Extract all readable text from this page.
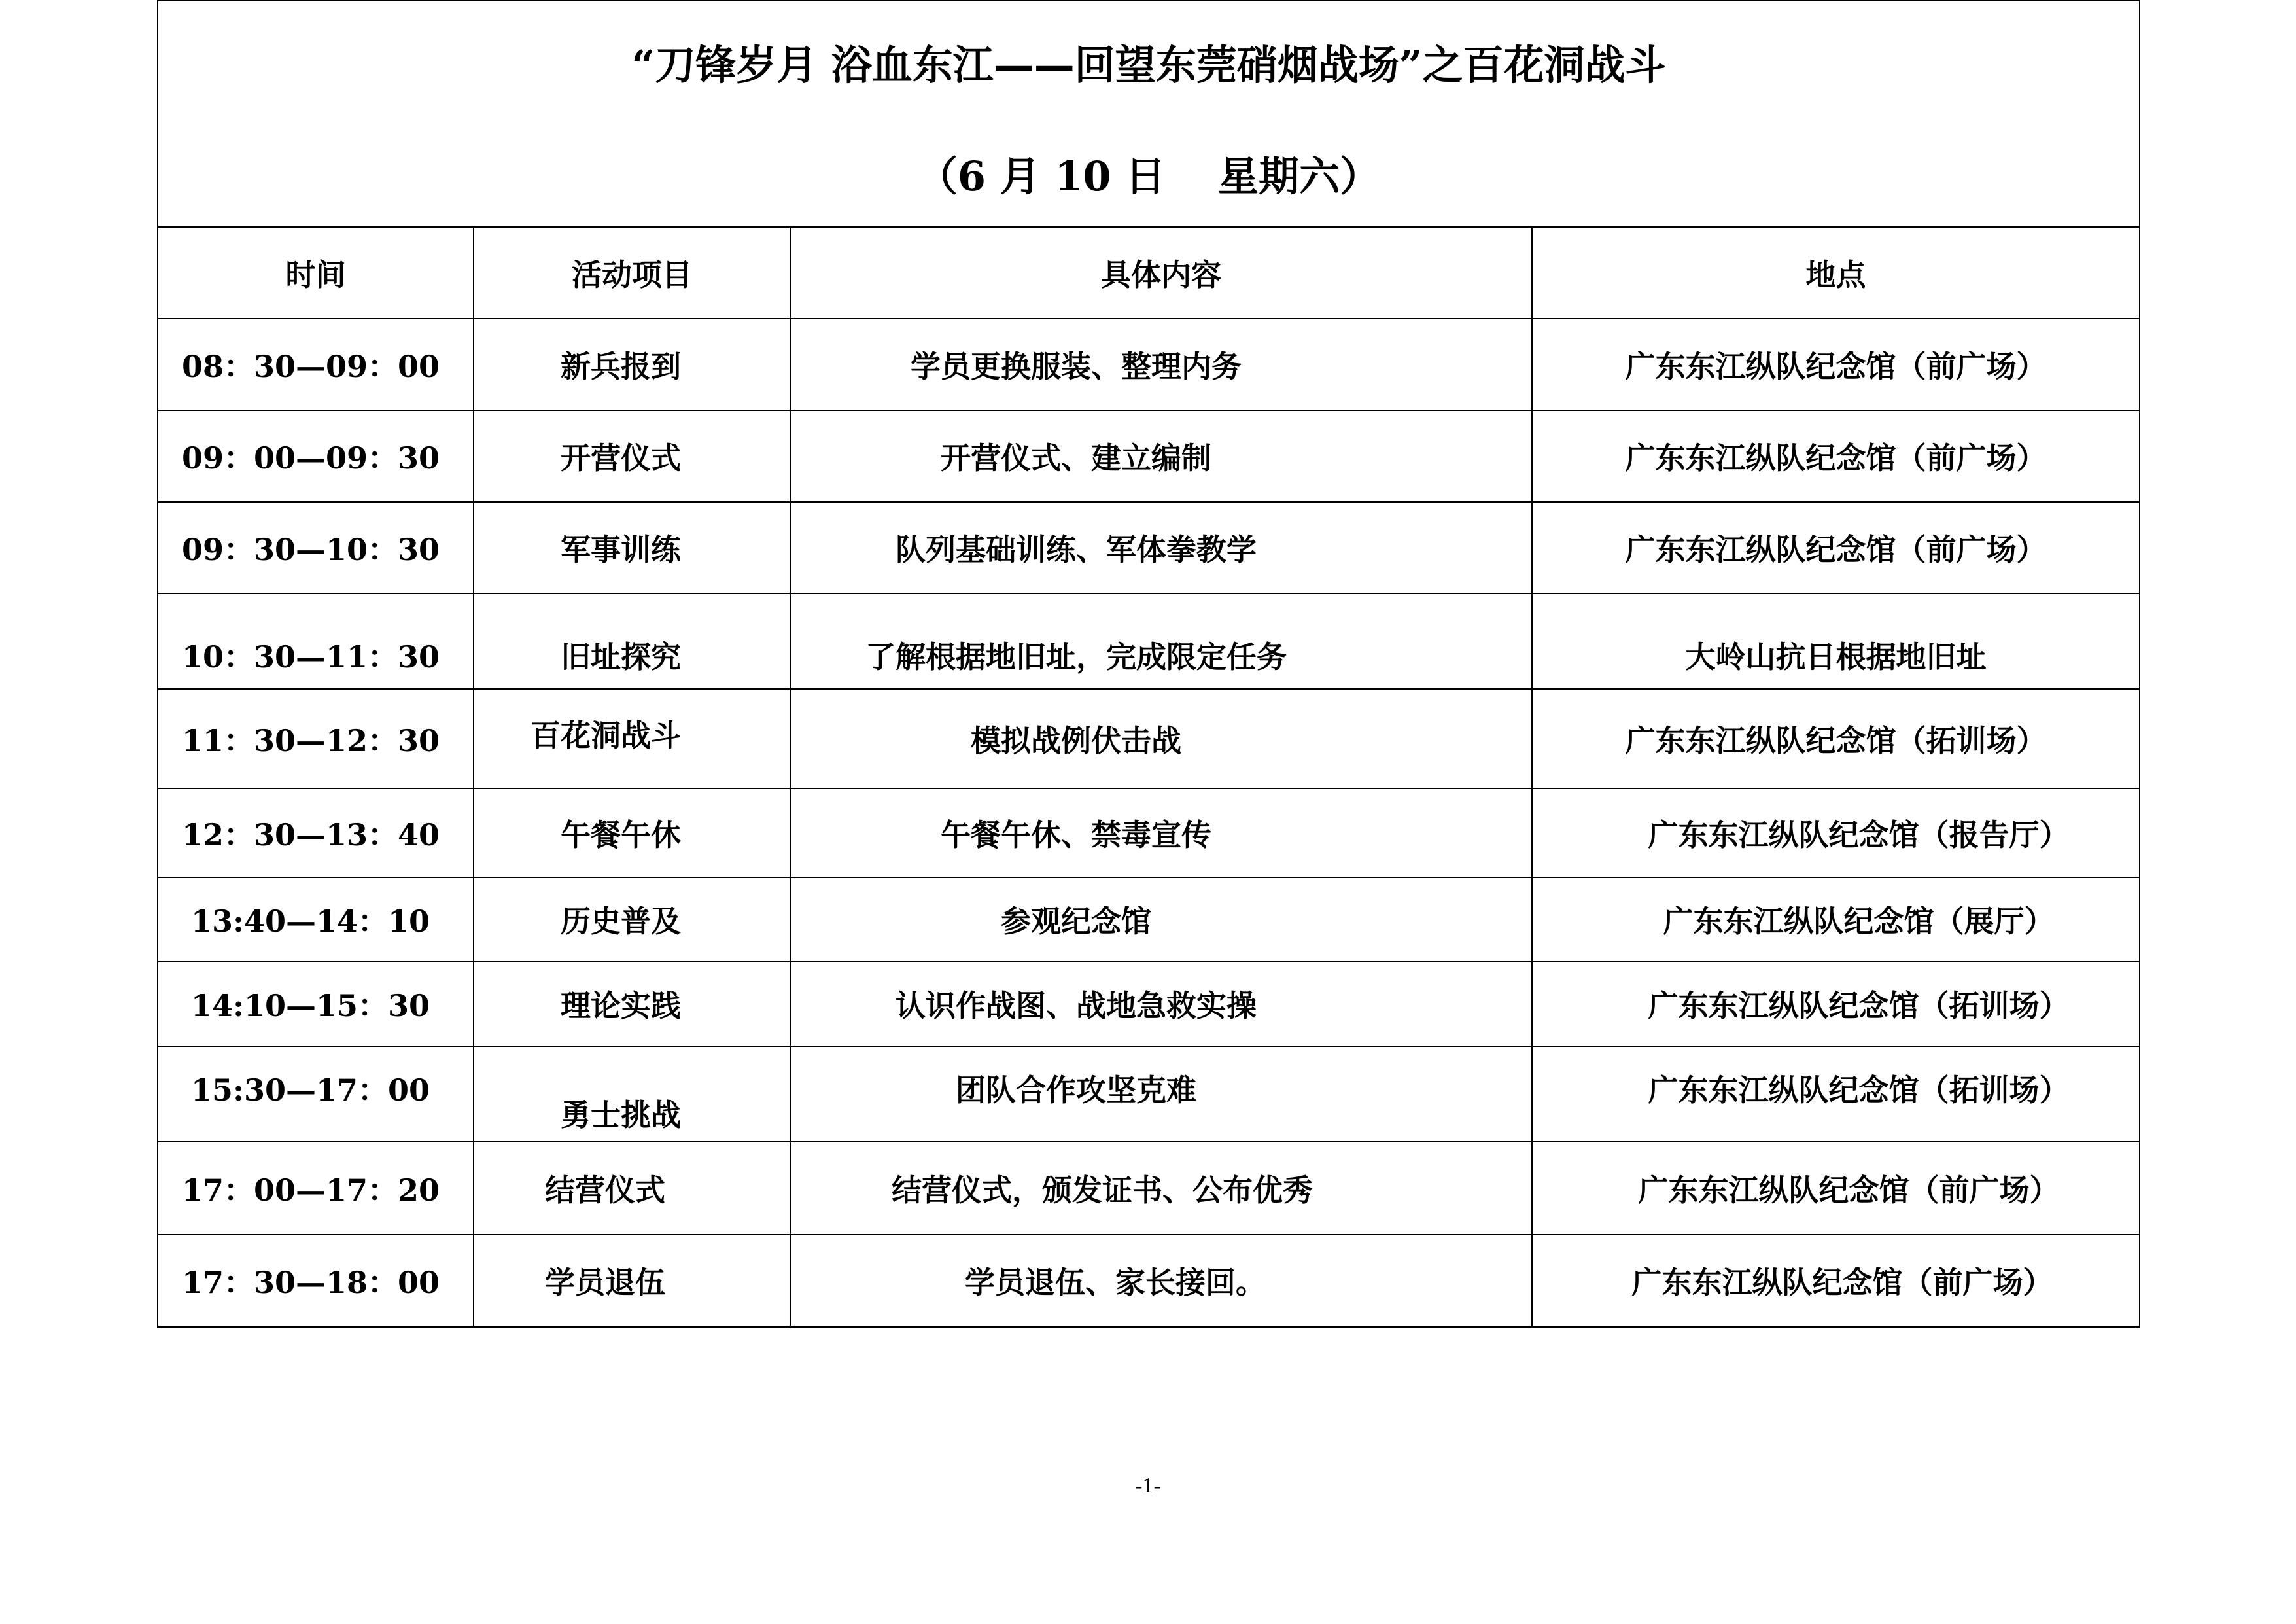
“刀锋岁月 浴血东江——回望东莞硝烟战场”之百花洞战斗
（6 月 10 日 星期六）
时间	活动项目	具体内容	地点
08：30—09：00	新兵报到	学员更换服装、整理内务	广东东江纵队纪念馆（前广场）
09：00—09：30	开营仪式	开营仪式、建立编制	广东东江纵队纪念馆（前广场）
09：30—10：30	军事训练	队列基础训练、军体拳教学	广东东江纵队纪念馆（前广场）
10：30—11：30	旧址探究	了解根据地旧址，完成限定任务	大岭山抗日根据地旧址
11：30—12：30	百花洞战斗	模拟战例伏击战	广东东江纵队纪念馆（拓训场）
12：30—13：40	午餐午休	午餐午休、禁毒宣传	广东东江纵队纪念馆（报告厅）
13:40—14：10	历史普及	参观纪念馆	广东东江纵队纪念馆（展厅）
14:10—15：30	理论实践	认识作战图、战地急救实操	广东东江纵队纪念馆（拓训场）
15:30—17：00	勇士挑战	团队合作攻坚克难	广东东江纵队纪念馆（拓训场）
17：00—17：20	结营仪式	结营仪式，颁发证书、公布优秀	广东东江纵队纪念馆（前广场）
17：30—18：00	学员退伍	学员退伍、家长接回。	广东东江纵队纪念馆（前广场）
-1-
